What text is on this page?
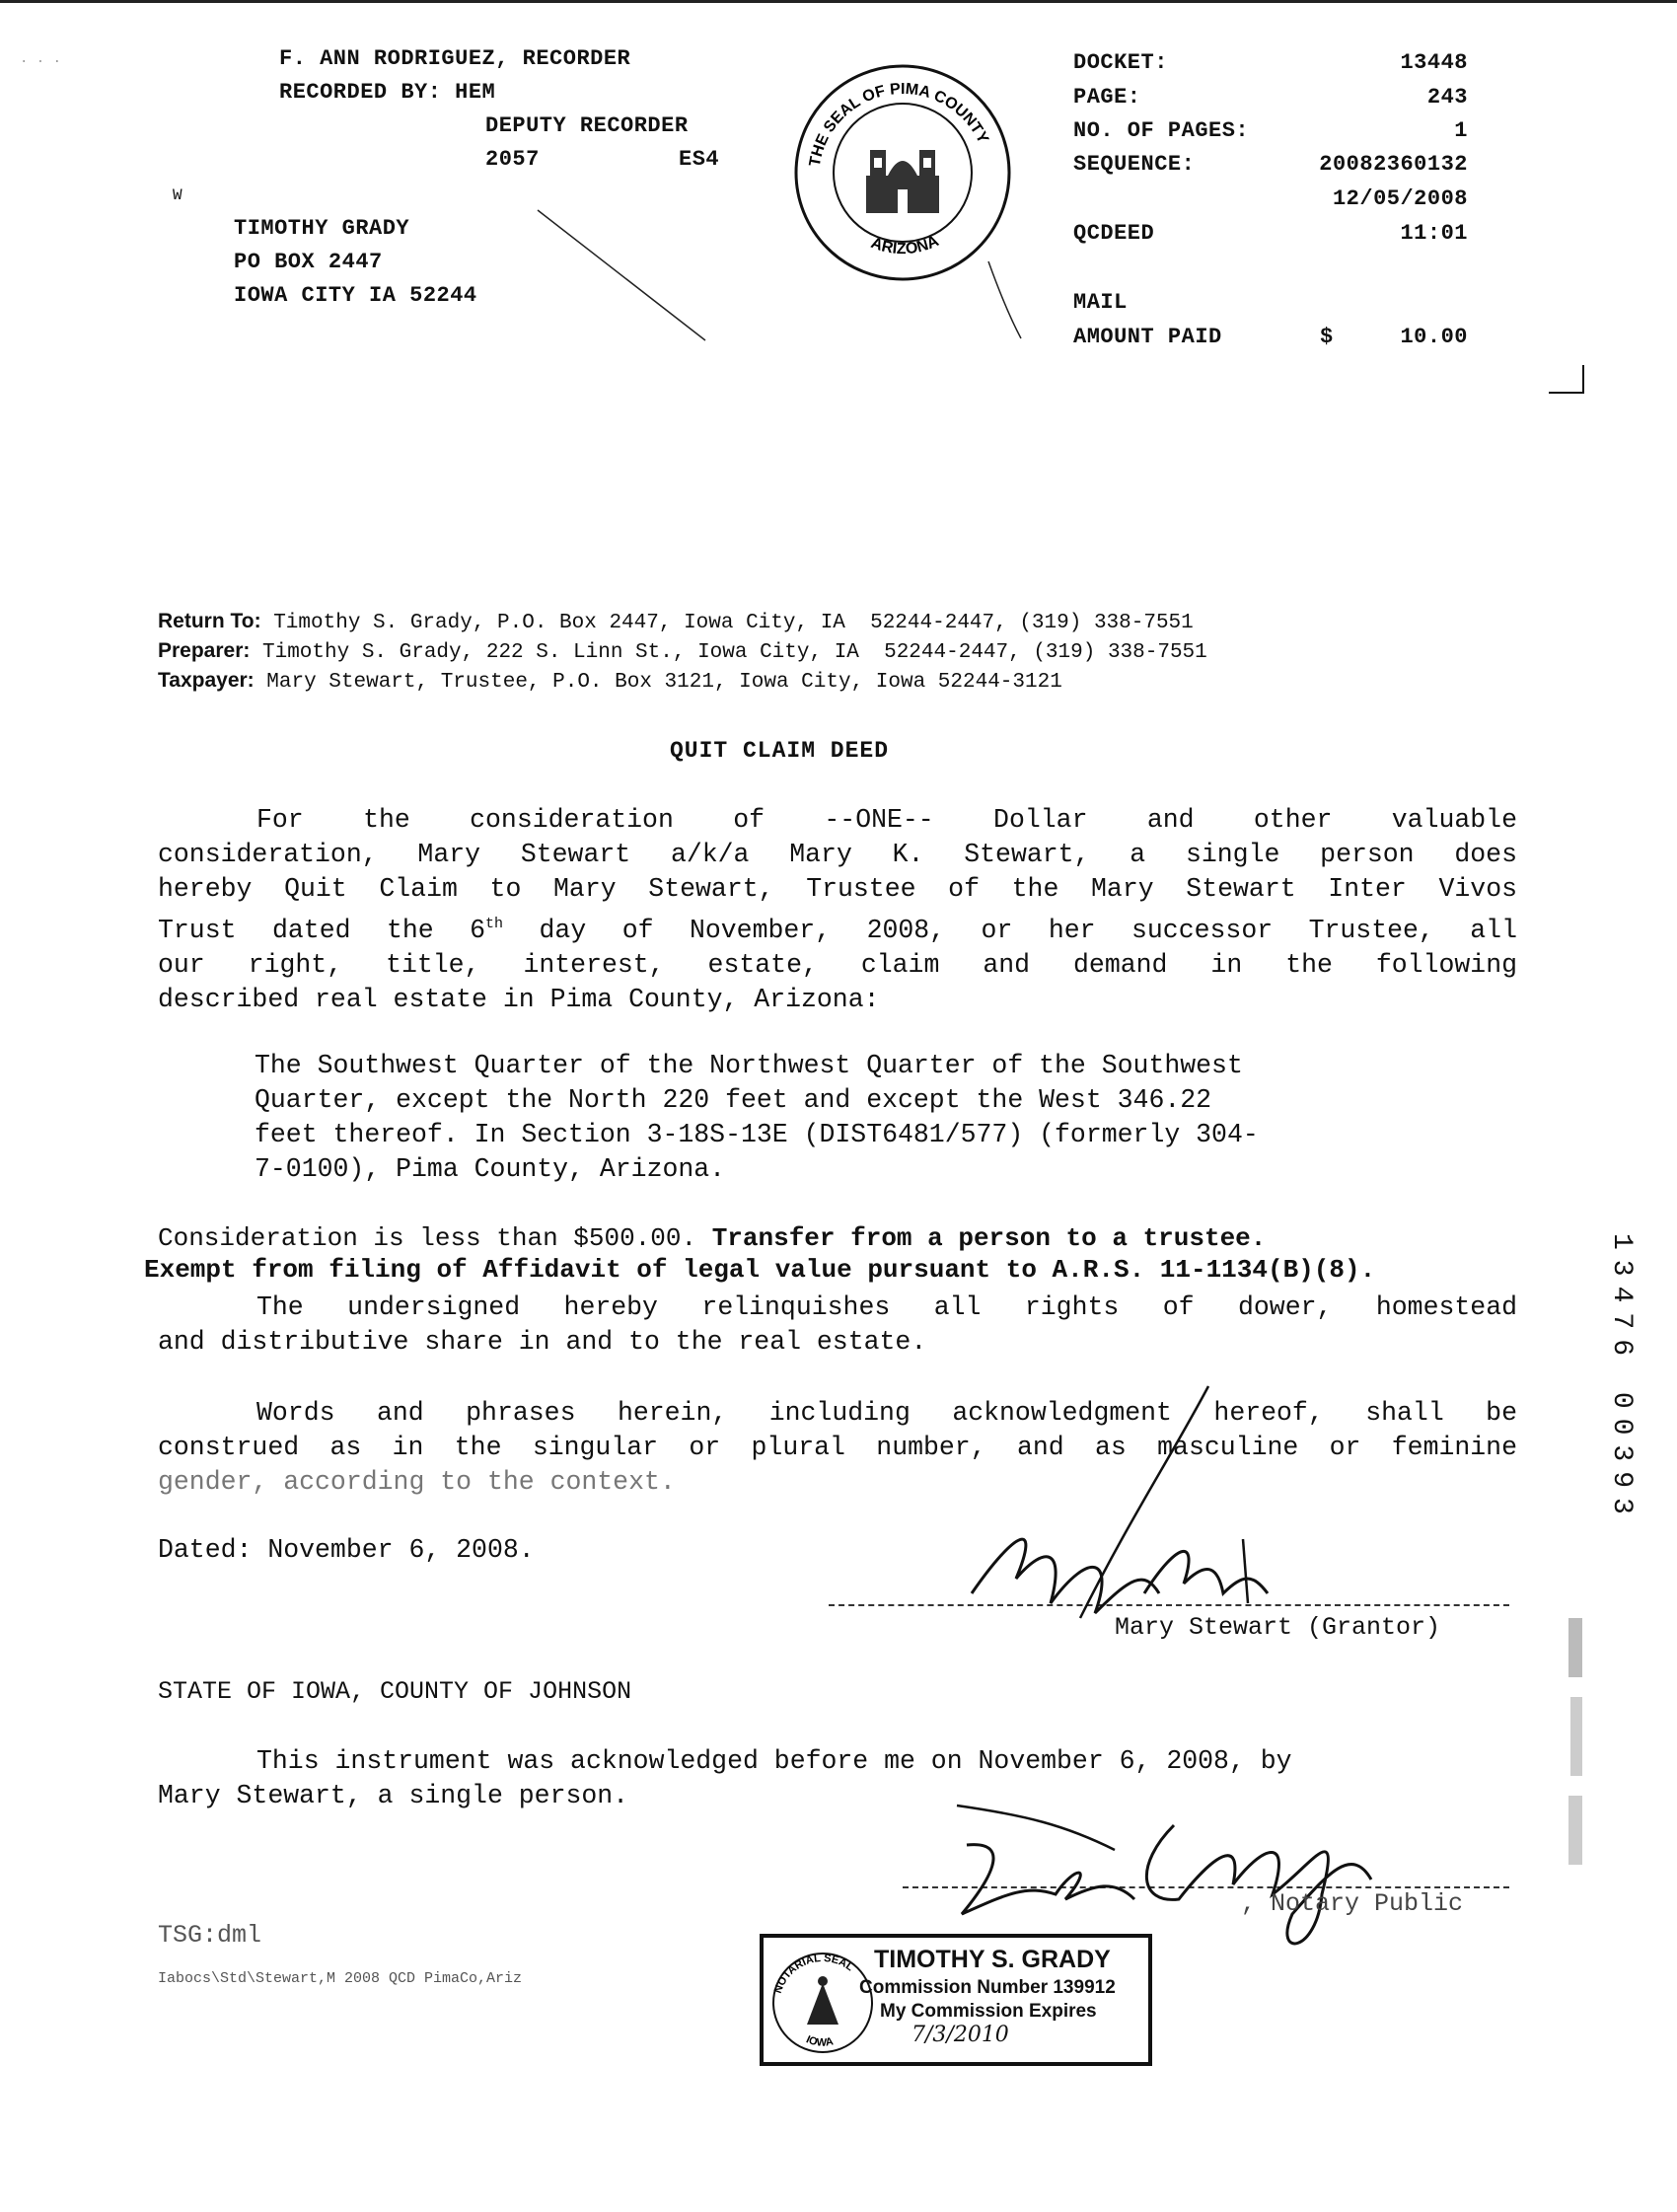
F. ANN RODRIGUEZ, RECORDER
RECORDED BY: HEM
DEPUTY RECORDER
2057	ES4
W
TIMOTHY GRADY
PO BOX 2447
IOWA CITY IA 52244
THE SEAL OF PIMA COUNTY
ARIZONA
DOCKET:	13448
PAGE:	243
NO. OF PAGES:	1
SEQUENCE:	20082360132
12/05/2008
QCDEED	11:01
MAIL
AMOUNT PAID	$	10.00
Return To: Timothy S. Grady, P.O. Box 2447, Iowa City, IA  52244-2447, (319) 338-7551
Preparer: Timothy S. Grady, 222 S. Linn St., Iowa City, IA  52244-2447, (319) 338-7551
Taxpayer: Mary Stewart, Trustee, P.O. Box 3121, Iowa City, Iowa 52244-3121
QUIT CLAIM DEED
For the consideration of --ONE-- Dollar and other valuable
consideration, Mary Stewart a/k/a Mary K. Stewart, a single person does
hereby Quit Claim to Mary Stewart, Trustee of the Mary Stewart Inter Vivos
Trust dated the 6th day of November, 2008, or her successor Trustee, all
our right, title, interest, estate, claim and demand in the following
described real estate in Pima County, Arizona:
The Southwest Quarter of the Northwest Quarter of the Southwest
Quarter, except the North 220 feet and except the West 346.22
feet thereof. In Section 3-18S-13E (DIST6481/577) (formerly 304-
7-0100), Pima County, Arizona.
Consideration is less than $500.00. Transfer from a person to a trustee.
Exempt from filing of Affidavit of legal value pursuant to A.R.S. 11-1134(B)(8).
The undersigned hereby relinquishes all rights of dower, homestead
and distributive share in and to the real estate.
Words and phrases herein, including acknowledgment hereof, shall be
construed as in the singular or plural number, and as masculine or feminine
gender, according to the context.
Dated: November 6, 2008.
Mary Stewart (Grantor)
STATE OF IOWA, COUNTY OF JOHNSON
This instrument was acknowledged before me on November 6, 2008, by
Mary Stewart, a single person.
, Notary Public
TSG:dml
Iabocs\Std\Stewart,M 2008 QCD PimaCo,Ariz
NOTARIAL SEAL
IOWA
TIMOTHY S. GRADY
Commission Number 139912
My Commission Expires
7/3/2010
13476 00393
· · ·
